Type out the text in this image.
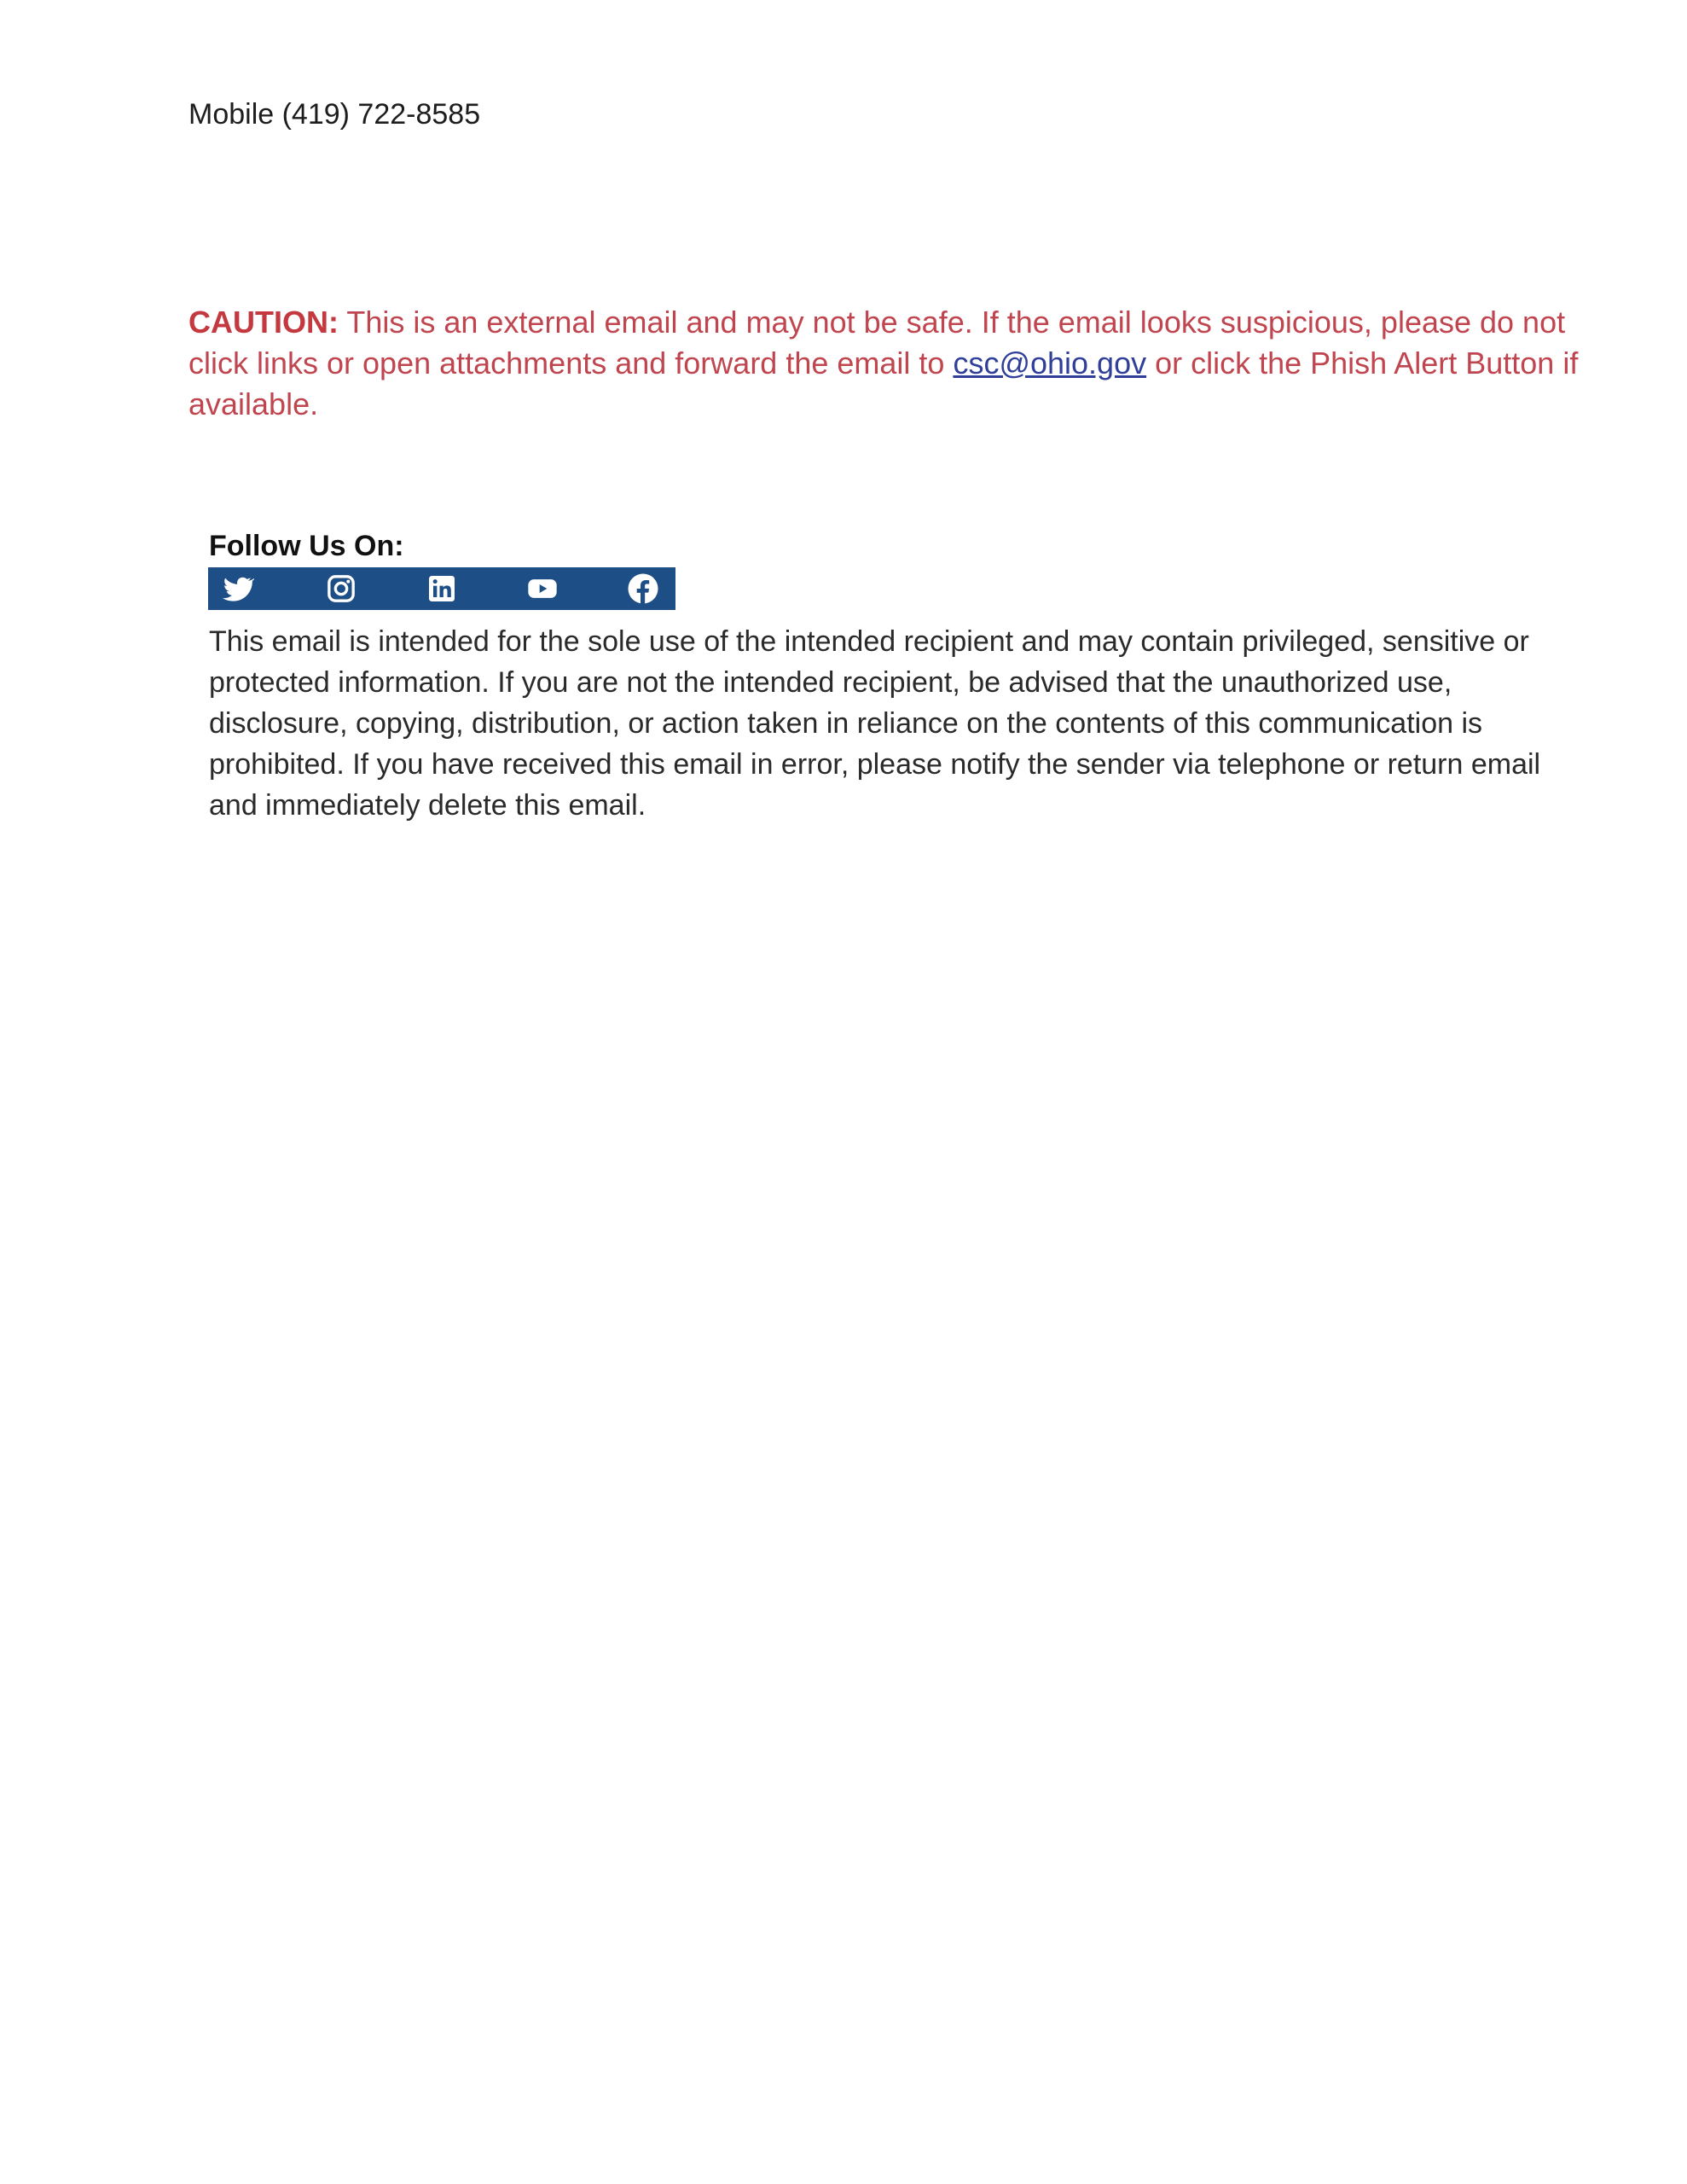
Mobile (419) 722-8585
CAUTION: This is an external email and may not be safe. If the email looks suspicious, please do not click links or open attachments and forward the email to csc@ohio.gov or click the Phish Alert Button if available.
Follow Us On:
This email is intended for the sole use of the intended recipient and may contain privileged, sensitive or protected information. If you are not the intended recipient, be advised that the unauthorized use, disclosure, copying, distribution, or action taken in reliance on the contents of this communication is prohibited. If you have received this email in error, please notify the sender via telephone or return email and immediately delete this email.
